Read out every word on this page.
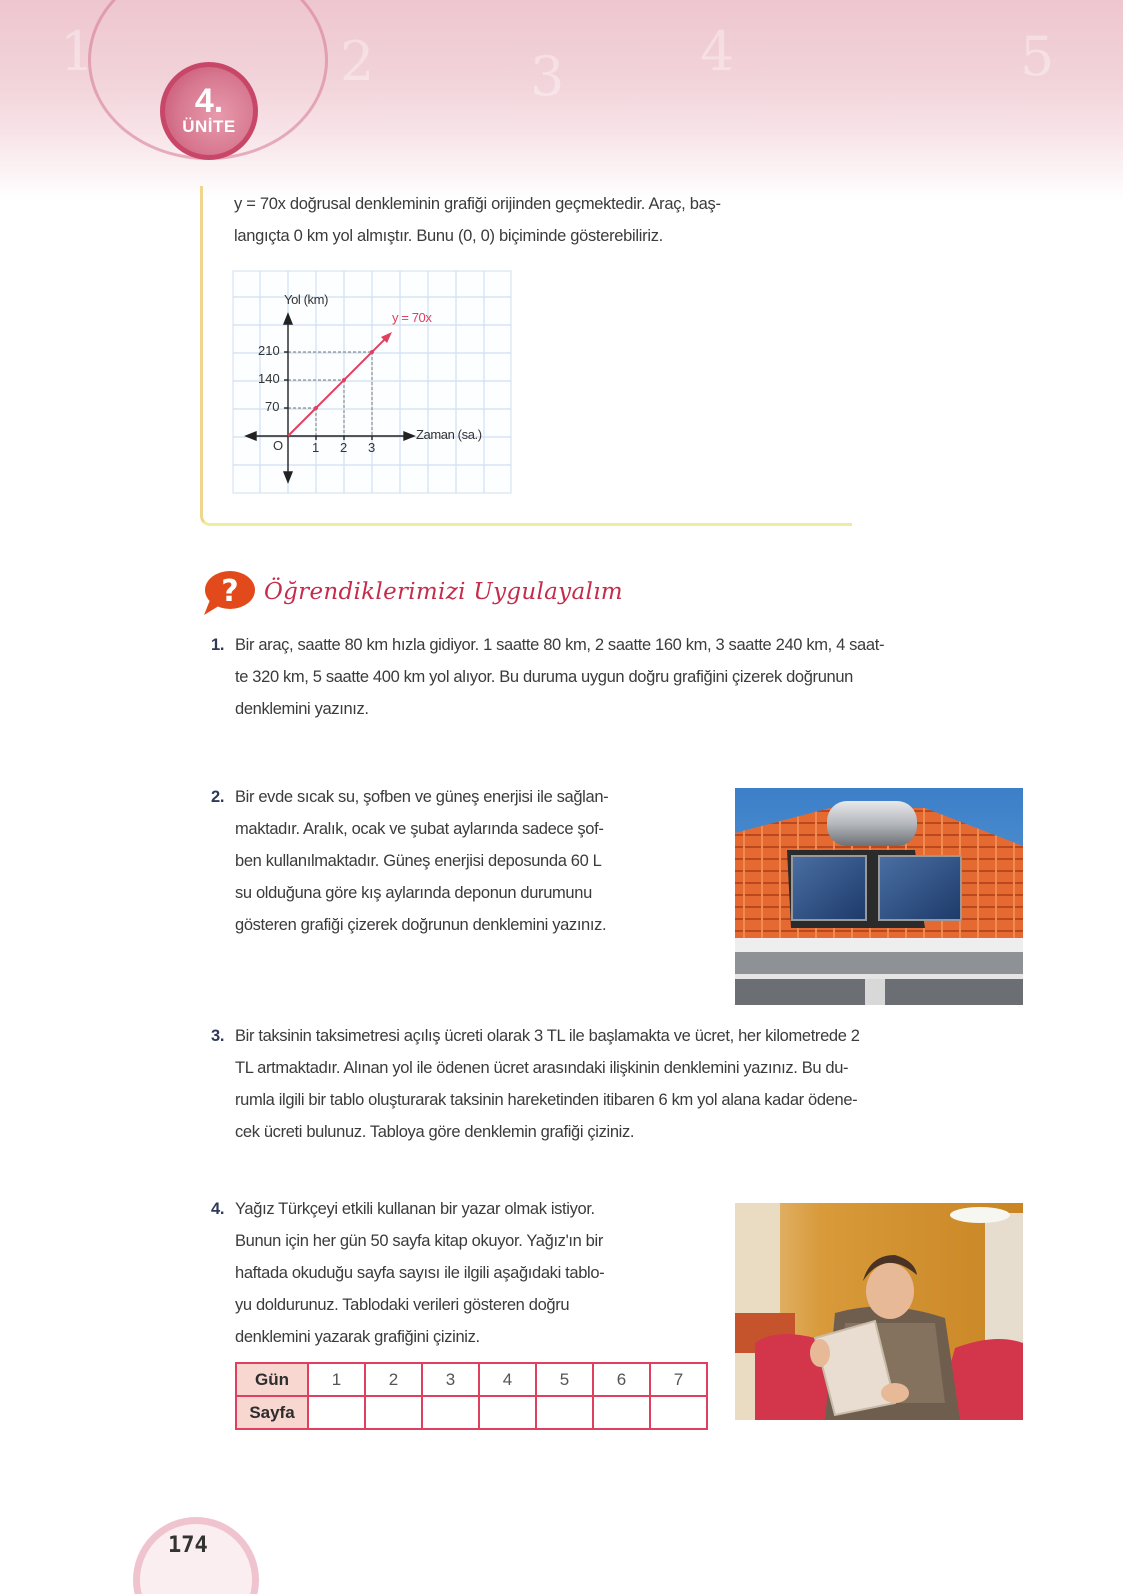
1	2	3	4	5
4.
ÜNİTE
y = 70x doğrusal denkleminin grafiği orijinden geçmektedir. Araç, baş-
langıçta 0 km yol almıştır. Bunu (0, 0) biçiminde gösterebiliriz.
Yol (km)
y = 70x
210
140
70
O 1 2 3
Zaman (sa.)
? Öğrendiklerimizi Uygulayalım
1. Bir araç, saatte 80 km hızla gidiyor. 1 saatte 80 km, 2 saatte 160 km, 3 saatte 240 km, 4 saat-
te 320 km, 5 saatte 400 km yol alıyor. Bu duruma uygun doğru grafiğini çizerek doğrunun
denklemini yazınız.
2. Bir evde sıcak su, şofben ve güneş enerjisi ile sağlan-
maktadır. Aralık, ocak ve şubat aylarında sadece şof-
ben kullanılmaktadır. Güneş enerjisi deposunda 60 L
su olduğuna göre kış aylarında deponun durumunu
gösteren grafiği çizerek doğrunun denklemini yazınız.
3. Bir taksinin taksimetresi açılış ücreti olarak 3 TL ile başlamakta ve ücret, her kilometrede 2
TL artmaktadır. Alınan yol ile ödenen ücret arasındaki ilişkinin denklemini yazınız. Bu du-
rumla ilgili bir tablo oluşturarak taksinin hareketinden itibaren 6 km yol alana kadar ödene-
cek ücreti bulunuz. Tabloya göre denklemin grafiği çiziniz.
4. Yağız Türkçeyi etkili kullanan bir yazar olmak istiyor.
Bunun için her gün 50 sayfa kitap okuyor. Yağız'ın bir
haftada okuduğu sayfa sayısı ile ilgili aşağıdaki tablo-
yu doldurunuz. Tablodaki verileri gösteren doğru
denklemini yazarak grafiğini çiziniz.
Gün	1	2	3	4	5	6	7
Sayfa							
174
